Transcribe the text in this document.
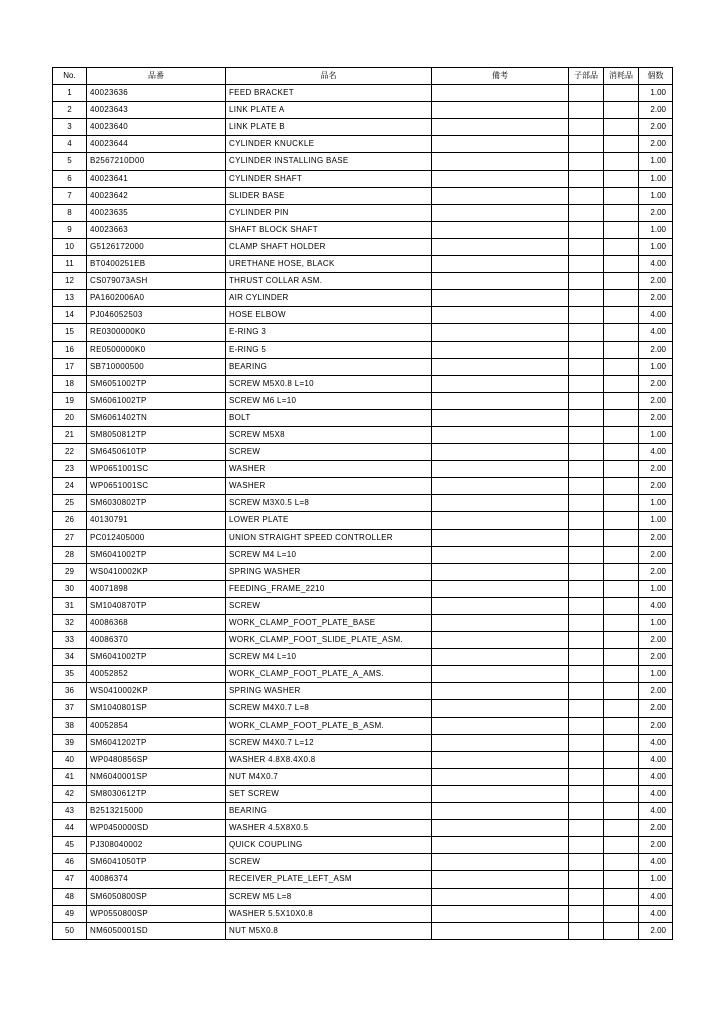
No.	品番	品名	備考	子部品	消耗品	個数
1	40023636	FEED BRACKET				1.00
2	40023643	LINK PLATE A				2.00
3	40023640	LINK PLATE B				2.00
4	40023644	CYLINDER KNUCKLE				2.00
5	B2567210D00	CYLINDER INSTALLING BASE				1.00
6	40023641	CYLINDER SHAFT				1.00
7	40023642	SLIDER BASE				1.00
8	40023635	CYLINDER PIN				2.00
9	40023663	SHAFT BLOCK SHAFT				1.00
10	G5126172000	CLAMP SHAFT HOLDER				1.00
11	BT0400251EB	URETHANE HOSE, BLACK				4.00
12	CS079073ASH	THRUST COLLAR ASM.				2.00
13	PA1602006A0	AIR CYLINDER				2.00
14	PJ046052503	HOSE ELBOW				4.00
15	RE0300000K0	E-RING 3				4.00
16	RE0500000K0	E-RING 5				2.00
17	SB710000500	BEARING				1.00
18	SM6051002TP	SCREW M5X0.8 L=10				2.00
19	SM6061002TP	SCREW M6 L=10				2.00
20	SM6061402TN	BOLT				2.00
21	SM8050812TP	SCREW M5X8				1.00
22	SM6450610TP	SCREW				4.00
23	WP0651001SC	WASHER				2.00
24	WP0651001SC	WASHER				2.00
25	SM6030802TP	SCREW M3X0.5 L=8				1.00
26	40130791	LOWER PLATE				1.00
27	PC012405000	UNION STRAIGHT SPEED CONTROLLER				2.00
28	SM6041002TP	SCREW M4 L=10				2.00
29	WS0410002KP	SPRING WASHER				2.00
30	40071898	FEEDING_FRAME_2210				1.00
31	SM1040870TP	SCREW				4.00
32	40086368	WORK_CLAMP_FOOT_PLATE_BASE				1.00
33	40086370	WORK_CLAMP_FOOT_SLIDE_PLATE_ASM.				2.00
34	SM6041002TP	SCREW M4 L=10				2.00
35	40052852	WORK_CLAMP_FOOT_PLATE_A_AMS.				1.00
36	WS0410002KP	SPRING WASHER				2.00
37	SM1040801SP	SCREW M4X0.7 L=8				2.00
38	40052854	WORK_CLAMP_FOOT_PLATE_B_ASM.				2.00
39	SM6041202TP	SCREW M4X0.7 L=12				4.00
40	WP0480856SP	WASHER 4.8X8.4X0.8				4.00
41	NM6040001SP	NUT M4X0.7				4.00
42	SM8030612TP	SET SCREW				4.00
43	B2513215000	BEARING				4.00
44	WP0450000SD	WASHER 4.5X8X0.5				2.00
45	PJ308040002	QUICK COUPLING				2.00
46	SM6041050TP	SCREW				4.00
47	40086374	RECEIVER_PLATE_LEFT_ASM				1.00
48	SM6050800SP	SCREW M5 L=8				4.00
49	WP0550800SP	WASHER 5.5X10X0.8				4.00
50	NM6050001SD	NUT M5X0.8				2.00
